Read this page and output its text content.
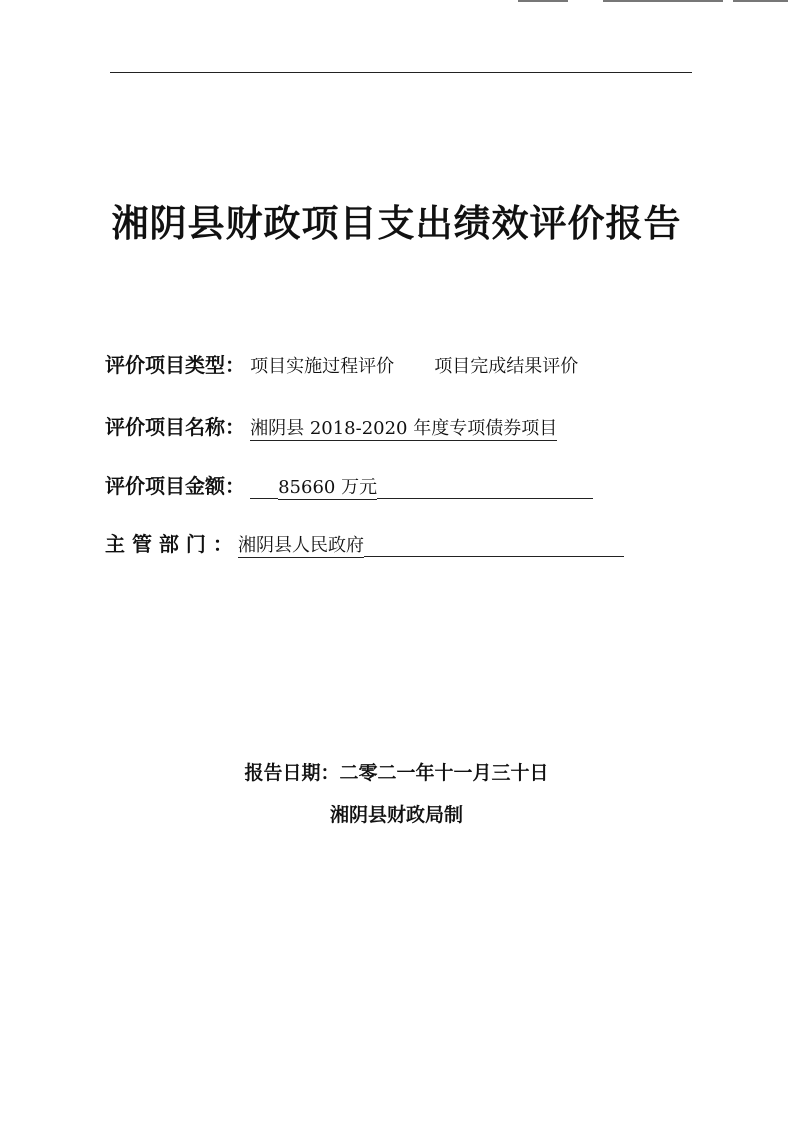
湘阴县财政项目支出绩效评价报告
评价项目类型： 项目实施过程评价 项目完成结果评价
评价项目名称： 湘阴县 2018-2020 年度专项债券项目
评价项目金额： 85660 万元
主 管 部 门 ： 湘阴县人民政府
报告日期：二零二一年十一月三十日
湘阴县财政局制
